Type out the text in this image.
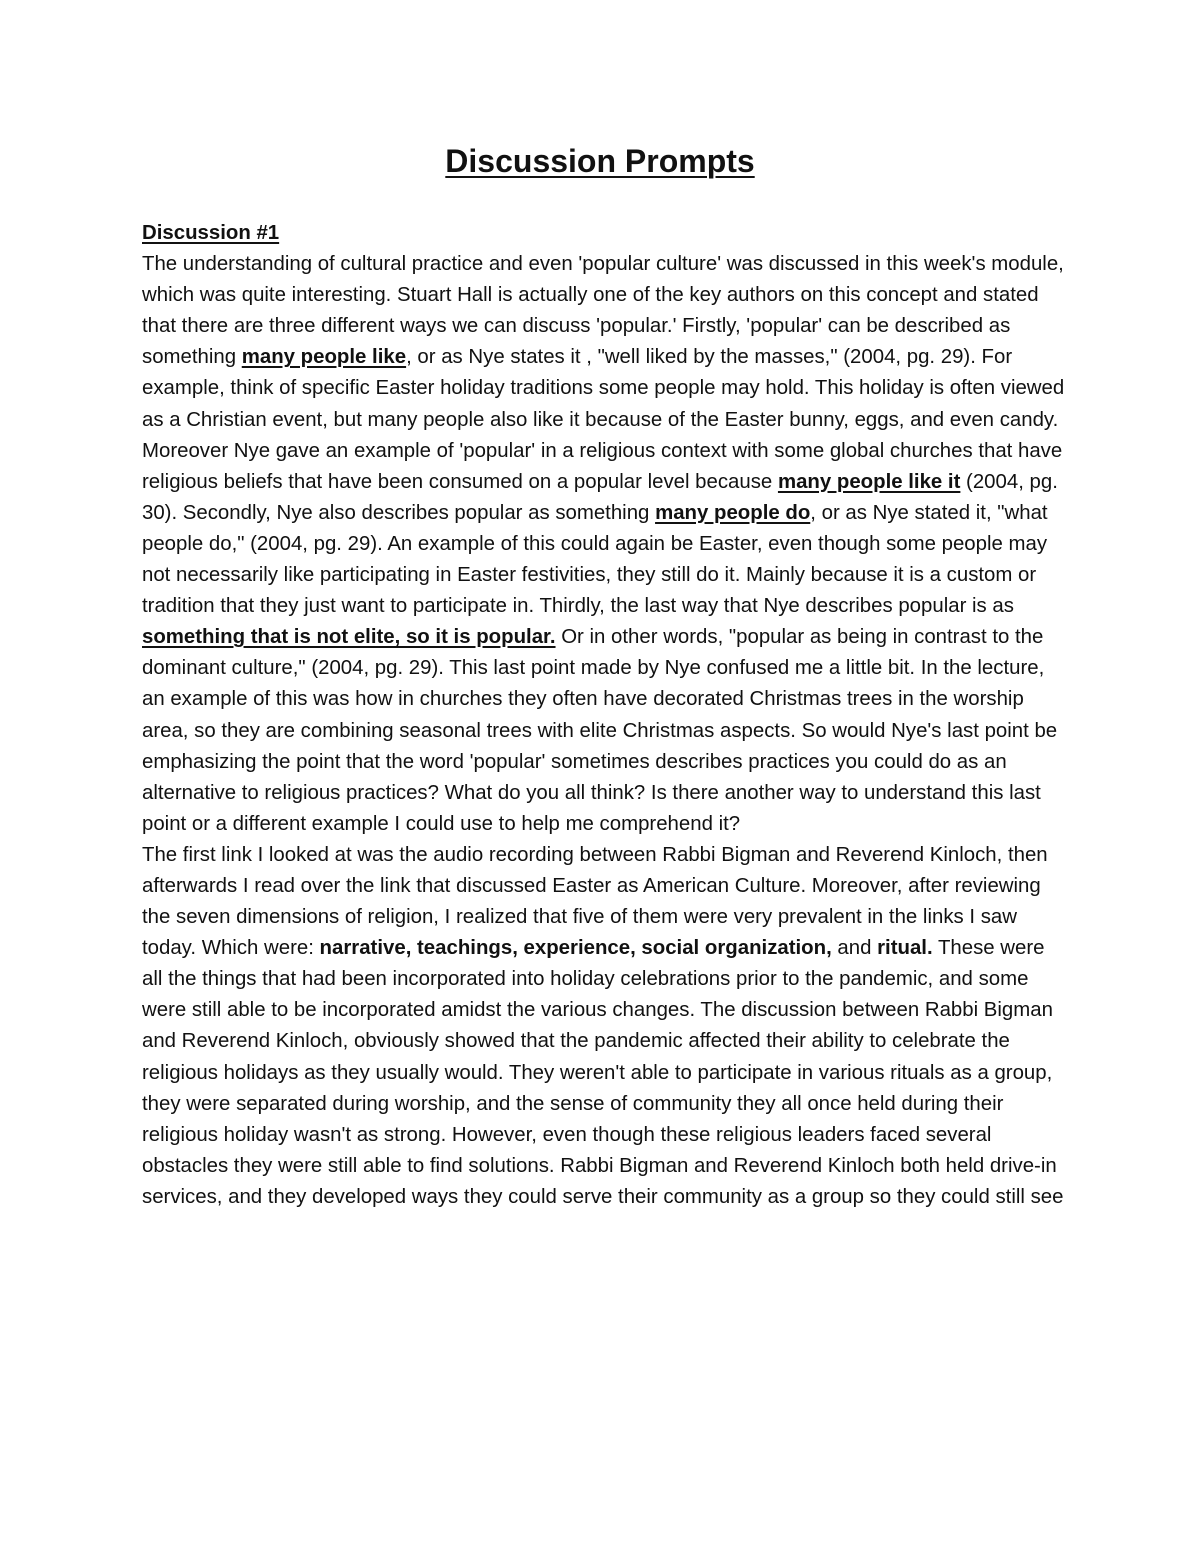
Discussion Prompts
Discussion #1

The understanding of cultural practice and even 'popular culture' was discussed in this week's module, which was quite interesting. Stuart Hall is actually one of the key authors on this concept and stated that there are three different ways we can discuss 'popular.' Firstly, 'popular' can be described as something many people like, or as Nye states it , "well liked by the masses," (2004, pg. 29). For example, think of specific Easter holiday traditions some people may hold. This holiday is often viewed as a Christian event, but many people also like it because of the Easter bunny, eggs, and even candy. Moreover Nye gave an example of 'popular' in a religious context with some global churches that have religious beliefs that have been consumed on a popular level because many people like it (2004, pg. 30). Secondly, Nye also describes popular as something many people do, or as Nye stated it, "what people do," (2004, pg. 29). An example of this could again be Easter, even though some people may not necessarily like participating in Easter festivities, they still do it. Mainly because it is a custom or tradition that they just want to participate in. Thirdly, the last way that Nye describes popular is as something that is not elite, so it is popular. Or in other words, "popular as being in contrast to the dominant culture," (2004, pg. 29). This last point made by Nye confused me a little bit. In the lecture, an example of this was how in churches they often have decorated Christmas trees in the worship area, so they are combining seasonal trees with elite Christmas aspects. So would Nye's last point be emphasizing the point that the word 'popular' sometimes describes practices you could do as an alternative to religious practices? What do you all think? Is there another way to understand this last point or a different example I could use to help me comprehend it?

The first link I looked at was the audio recording between Rabbi Bigman and Reverend Kinloch, then afterwards I read over the link that discussed Easter as American Culture. Moreover, after reviewing the seven dimensions of religion, I realized that five of them were very prevalent in the links I saw today. Which were: narrative, teachings, experience, social organization, and ritual. These were all the things that had been incorporated into holiday celebrations prior to the pandemic, and some were still able to be incorporated amidst the various changes. The discussion between Rabbi Bigman and Reverend Kinloch, obviously showed that the pandemic affected their ability to celebrate the religious holidays as they usually would. They weren't able to participate in various rituals as a group, they were separated during worship, and the sense of community they all once held during their religious holiday wasn't as strong. However, even though these religious leaders faced several obstacles they were still able to find solutions. Rabbi Bigman and Reverend Kinloch both held drive-in services, and they developed ways they could serve their community as a group so they could still see
